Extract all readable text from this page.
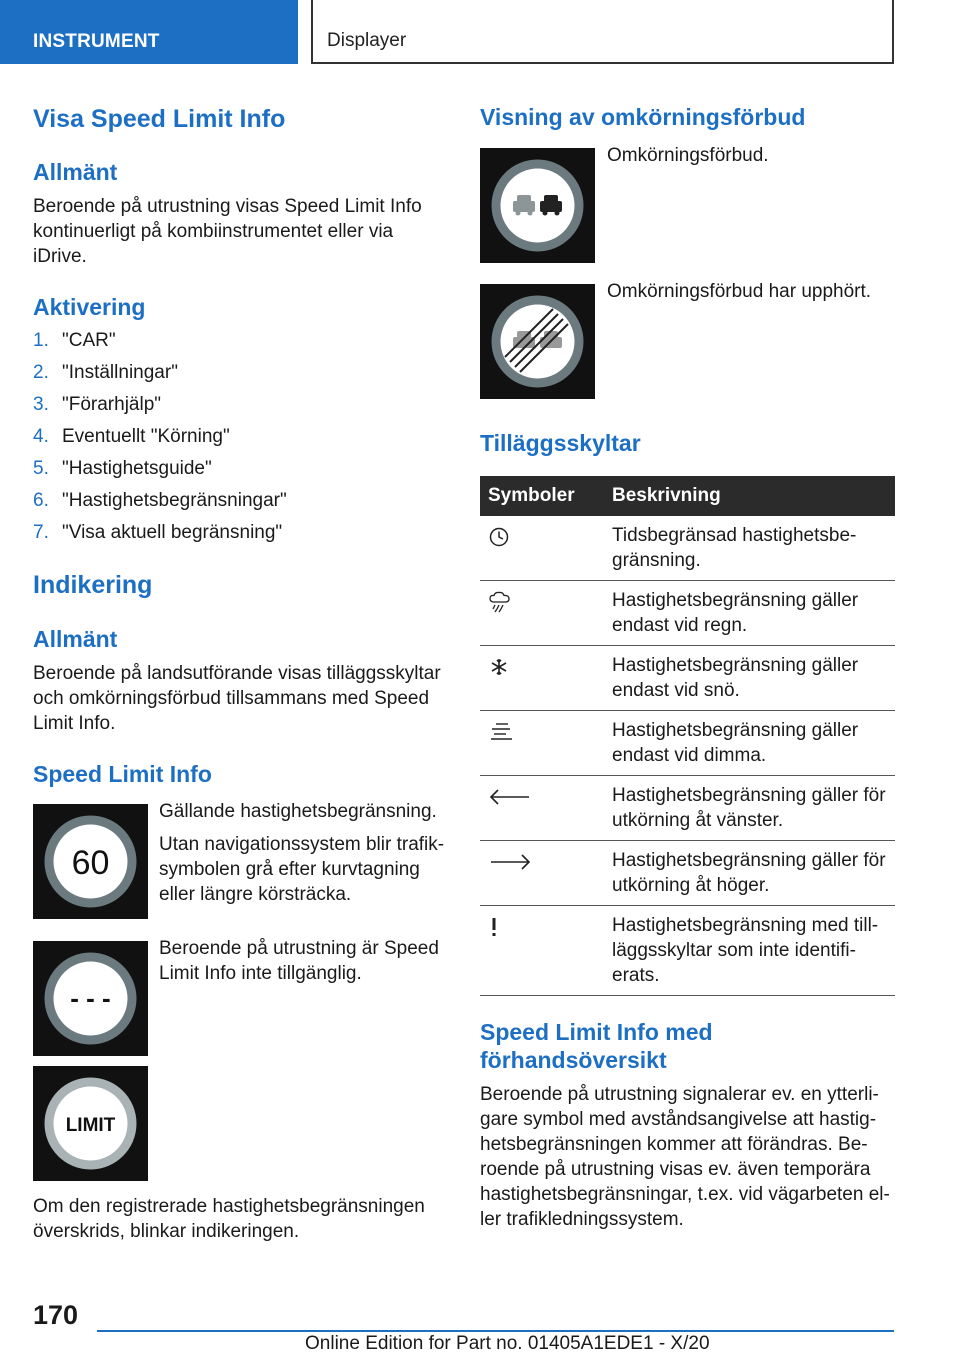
INSTRUMENT	Displayer
Visa Speed Limit Info
Allmänt

Beroende på utrustning visas Speed Limit Info
kontinuerligt på kombiinstrumentet eller via
iDrive.

Aktivering
1. "CAR"
2. "Inställningar"
3. "Förarhjälp"
4. Eventuellt "Körning"
5. "Hastighetsguide"
6. "Hastighetsbegränsningar"
7. "Visa aktuell begränsning"
Indikering
Allmänt

Beroende på landsutförande visas tilläggsskyltar
och omkörningsförbud tillsammans med Speed
Limit Info.

Speed Limit Info
60

Gällande hastighetsbegränsning.

Utan navigationssystem blir trafik-
symbolen grå efter kurvtagning
eller längre körsträcka.

- - -

Beroende på utrustning är Speed
Limit Info inte tillgänglig.

LIMIT

Om den registrerade hastighetsbegränsningen
överskrids, blinkar indikeringen.

Visning av omkörningsförbud

Omkörningsförbud.

Omkörningsförbud har upphört.

Tilläggsskyltar
Symboler	Beskrivning

	Tidsbegränsad hastighetsbe-
gränsning.

	Hastighetsbegränsning gäller
endast vid regn.

	Hastighetsbegränsning gäller
endast vid snö.

	Hastighetsbegränsning gäller
endast vid dimma.

	Hastighetsbegränsning gäller för
utkörning åt vänster.

	Hastighetsbegränsning gäller för
utkörning åt höger.

	Hastighetsbegränsning med till-
läggsskyltar som inte identifi-
erats.
Speed Limit Info med
förhandsöversikt

Beroende på utrustning signalerar ev. en ytterli-
gare symbol med avståndsangivelse att hastig-
hetsbegränsningen kommer att förändras. Be-
roende på utrustning visas ev. även temporära
hastighetsbegränsningar, t.ex. vid vägarbeten el-
ler trafikledningssystem.

170
Online Edition for Part no. 01405A1EDE1 - X/20
